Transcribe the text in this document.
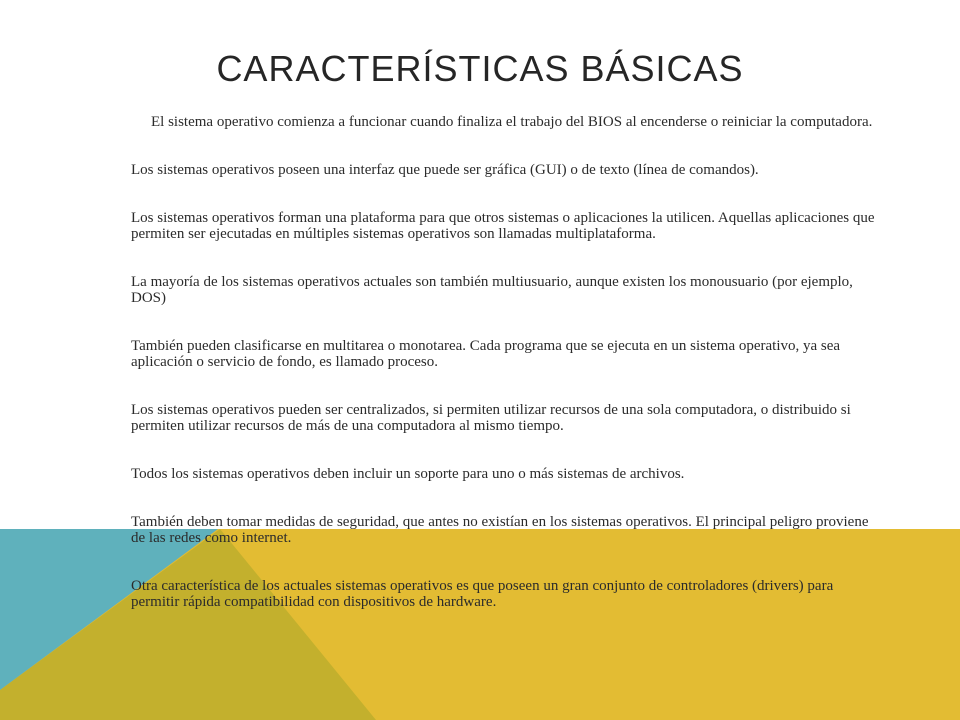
CARACTERÍSTICAS BÁSICAS

El sistema operativo comienza a funcionar cuando finaliza el trabajo del BIOS al encenderse o reiniciar la computadora.

Los sistemas operativos poseen una interfaz que puede ser gráfica (GUI) o de texto (línea de comandos).

Los sistemas operativos forman una plataforma para que otros sistemas o aplicaciones la utilicen. Aquellas aplicaciones que permiten ser ejecutadas en múltiples sistemas operativos son llamadas multiplataforma.

La mayoría de los sistemas operativos actuales son también multiusuario, aunque existen los monousuario (por ejemplo, DOS)

También pueden clasificarse en multitarea o monotarea. Cada programa que se ejecuta en un sistema operativo, ya sea aplicación o servicio de fondo, es llamado proceso.

Los sistemas operativos pueden ser centralizados, si permiten utilizar recursos de una sola computadora, o distribuido si permiten utilizar recursos de más de una computadora al mismo tiempo.

Todos los sistemas operativos deben incluir un soporte para uno o más sistemas de archivos.

También deben tomar medidas de seguridad, que antes no existían en los sistemas operativos. El principal peligro proviene de las redes como internet.

Otra característica de los actuales sistemas operativos es que poseen un gran conjunto de controladores (drivers) para permitir rápida compatibilidad con dispositivos de hardware.
